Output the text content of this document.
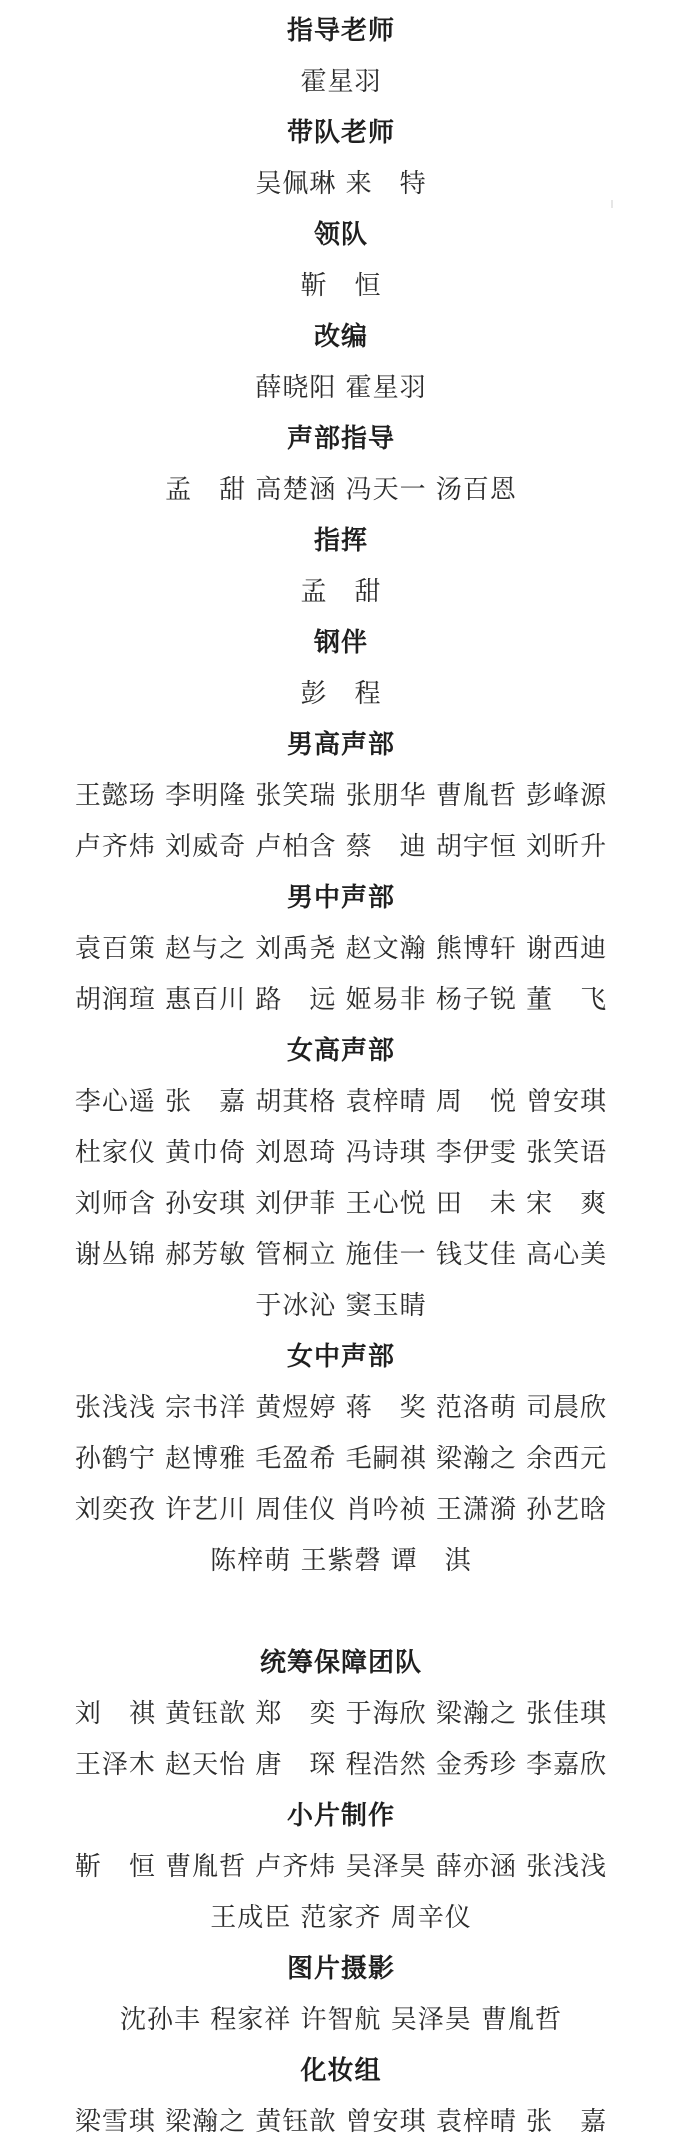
指导老师
霍星羽
带队老师
吴佩琳 来　特
领队
靳　恒
改编
薛晓阳 霍星羽
声部指导
孟　甜 高楚涵 冯天一 汤百恩
指挥
孟　甜
钢伴
彭　程
男高声部
王懿玚 李明隆 张笑瑞 张朋华 曹胤哲 彭峰源
卢齐炜 刘威奇 卢柏含 蔡　迪 胡宇恒 刘昕升
男中声部
袁百策 赵与之 刘禹尧 赵文瀚 熊博轩 谢西迪
胡润瑄 惠百川 路　远 姬易非 杨子锐 董　飞
女高声部
李心遥 张　嘉 胡萁格 袁梓晴 周　悦 曾安琪
杜家仪 黄巾倚 刘恩琦 冯诗琪 李伊雯 张笑语
刘师含 孙安琪 刘伊菲 王心悦 田　未 宋　爽
谢丛锦 郝芳敏 管桐立 施佳一 钱艾佳 高心美
于冰沁 窦玉睛
女中声部
张浅浅 宗书洋 黄煜婷 蒋　奖 范洛萌 司晨欣
孙鹤宁 赵博雅 毛盈希 毛嗣祺 梁瀚之 余西元
刘奕孜 许艺川 周佳仪 肖吟祯 王潇漪 孙艺晗
陈梓萌 王紫磬 谭　淇
统筹保障团队
刘　祺 黄钰歆 郑　奕 于海欣 梁瀚之 张佳琪
王泽木 赵天怡 唐　琛 程浩然 金秀珍 李嘉欣
小片制作
靳　恒 曹胤哲 卢齐炜 吴泽昊 薛亦涵 张浅浅
王成臣 范家齐 周辛仪
图片摄影
沈孙丰 程家祥 许智航 吴泽昊 曹胤哲
化妆组
梁雪琪 梁瀚之 黄钰歆 曾安琪 袁梓晴 张　嘉
